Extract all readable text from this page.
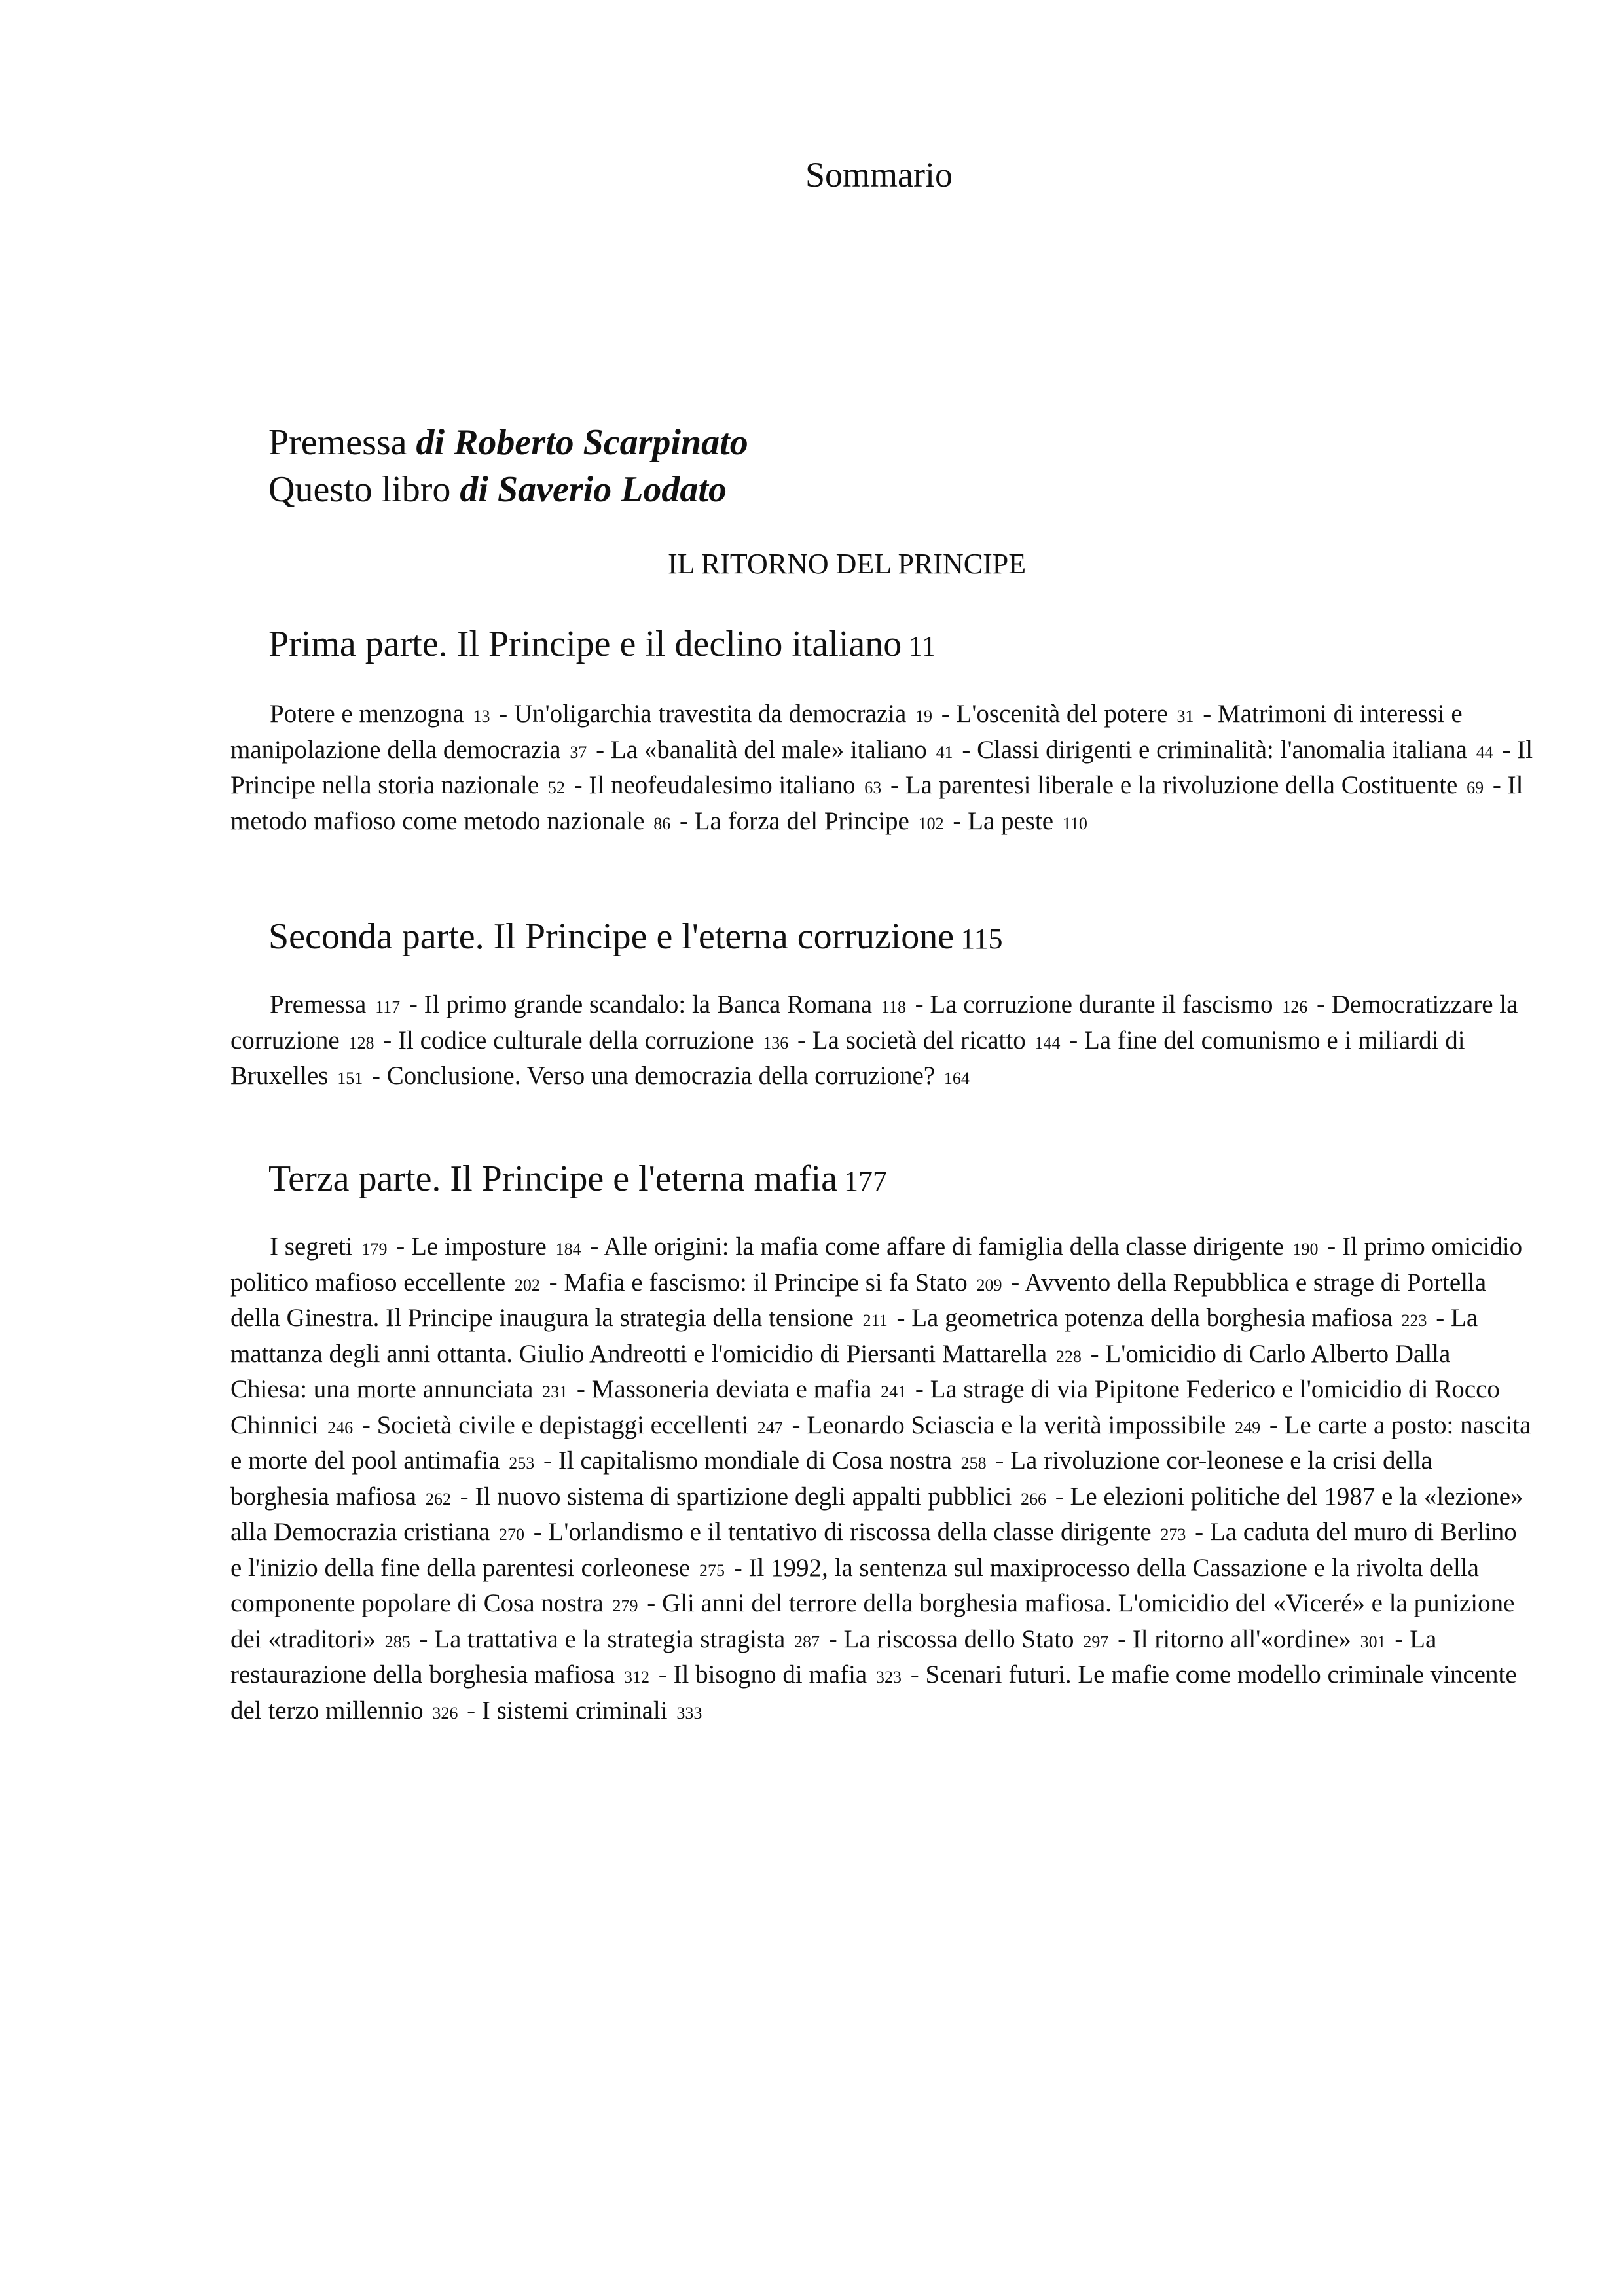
Sommario
Premessa di Roberto Scarpinato
Questo libro di Saverio Lodato
IL RITORNO DEL PRINCIPE
Prima parte. Il Principe e il declino italiano 11
Potere e menzogna 13 - Un'oligarchia travestita da democrazia 19 - L'oscenità del potere 31 - Matrimoni di interessi e manipolazione della democrazia 37 - La «banalità del male» italiano 41 - Classi dirigenti e criminalità: l'anomalia italiana 44 - Il Principe nella storia nazionale 52 - Il neofeudalesimo italiano 63 - La parentesi liberale e la rivoluzione della Costituente 69 - Il metodo mafioso come metodo nazionale 86 - La forza del Principe 102 - La peste 110
Seconda parte. Il Principe e l'eterna corruzione 115
Premessa 117 - Il primo grande scandalo: la Banca Romana 118 - La corruzione durante il fascismo 126 - Democratizzare la corruzione 128 - Il codice culturale della corruzione 136 - La società del ricatto 144 - La fine del comunismo e i miliardi di Bruxelles 151 - Conclusione. Verso una democrazia della corruzione? 164
Terza parte. Il Principe e l'eterna mafia 177
I segreti 179 - Le imposture 184 - Alle origini: la mafia come affare di famiglia della classe dirigente 190 - Il primo omicidio politico mafioso eccellente 202 - Mafia e fascismo: il Principe si fa Stato 209 - Avvento della Repubblica e strage di Portella della Ginestra. Il Principe inaugura la strategia della tensione 211 - La geometrica potenza della borghesia mafiosa 223 - La mattanza degli anni ottanta. Giulio Andreotti e l'omicidio di Piersanti Mattarella 228 - L'omicidio di Carlo Alberto Dalla Chiesa: una morte annunciata 231 - Massoneria deviata e mafia 241 - La strage di via Pipitone Federico e l'omicidio di Rocco Chinnici 246 - Società civile e depistaggi eccellenti 247 - Leonardo Sciascia e la verità impossibile 249 - Le carte a posto: nascita e morte del pool antimafia 253 - Il capitalismo mondiale di Cosa nostra 258 - La rivoluzione cor-leonese e la crisi della borghesia mafiosa 262 - Il nuovo sistema di spartizione degli appalti pubblici 266 - Le elezioni politiche del 1987 e la «lezione» alla Democrazia cristiana 270 - L'orlandismo e il tentativo di riscossa della classe dirigente 273 - La caduta del muro di Berlino e l'inizio della fine della parentesi corleonese 275 - Il 1992, la sentenza sul maxiprocesso della Cassazione e la rivolta della componente popolare di Cosa nostra 279 - Gli anni del terrore della borghesia mafiosa. L'omicidio del «Viceré» e la punizione dei «traditori» 285 - La trattativa e la strategia stragista 287 - La riscossa dello Stato 297 - Il ritorno all'«ordine» 301 - La restaurazione della borghesia mafiosa 312 - Il bisogno di mafia 323 - Scenari futuri. Le mafie come modello criminale vincente del terzo millennio 326 - I sistemi criminali 333
